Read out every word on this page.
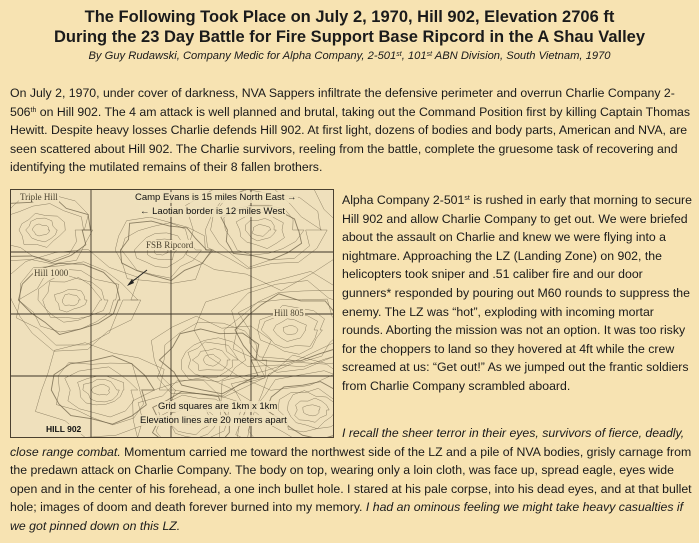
The Following Took Place on July 2, 1970, Hill 902, Elevation 2706 ft
During the 23 Day Battle for Fire Support Base Ripcord in the A Shau Valley
By Guy Rudawski, Company Medic for Alpha Company, 2-501st, 101st ABN Division, South Vietnam, 1970

On July 2, 1970, under cover of darkness, NVA Sappers infiltrate the defensive perimeter and overrun Charlie Company 2-506th on Hill 902. The 4 am attack is well planned and brutal, taking out the Command Position first by killing Captain Thomas Hewitt. Despite heavy losses Charlie defends Hill 902. At first light, dozens of bodies and body parts, American and NVA, are seen scattered about Hill 902. The Charlie survivors, reeling from the battle, complete the gruesome task of recovering and identifying the mutilated remains of their 8 fallen brothers.

Triple Hill	Camp Evans is 15 miles North East →
← Laotian border is 12 miles West
FSB Ripcord
Hill 1000
Hill 805
Grid squares are 1km x 1km
Elevation lines are 20 meters apart
HILL 902

Alpha Company 2-501st is rushed in early that morning to secure Hill 902 and allow Charlie Company to get out. We were briefed about the assault on Charlie and knew we were flying into a nightmare. Approaching the LZ (Landing Zone) on 902, the helicopters took sniper and .51 caliber fire and our door gunners* responded by pouring out M60 rounds to suppress the enemy. The LZ was “hot”, exploding with incoming mortar rounds. Aborting the mission was not an option. It was too risky for the choppers to land so they hovered at 4ft while the crew screamed at us: “Get out!” As we jumped out the frantic soldiers from Charlie Company scrambled aboard.

I recall the sheer terror in their eyes, survivors of fierce, deadly, close range combat. Momentum carried me toward the northwest side of the LZ and a pile of NVA bodies, grisly carnage from the predawn attack on Charlie Company. The body on top, wearing only a loin cloth, was face up, spread eagle, eyes wide open and in the center of his forehead, a one inch bullet hole. I stared at his pale corpse, into his dead eyes, and at that bullet hole; images of doom and death forever burned into my memory. I had an ominous feeling we might take heavy casualties if we got pinned down on this LZ.
